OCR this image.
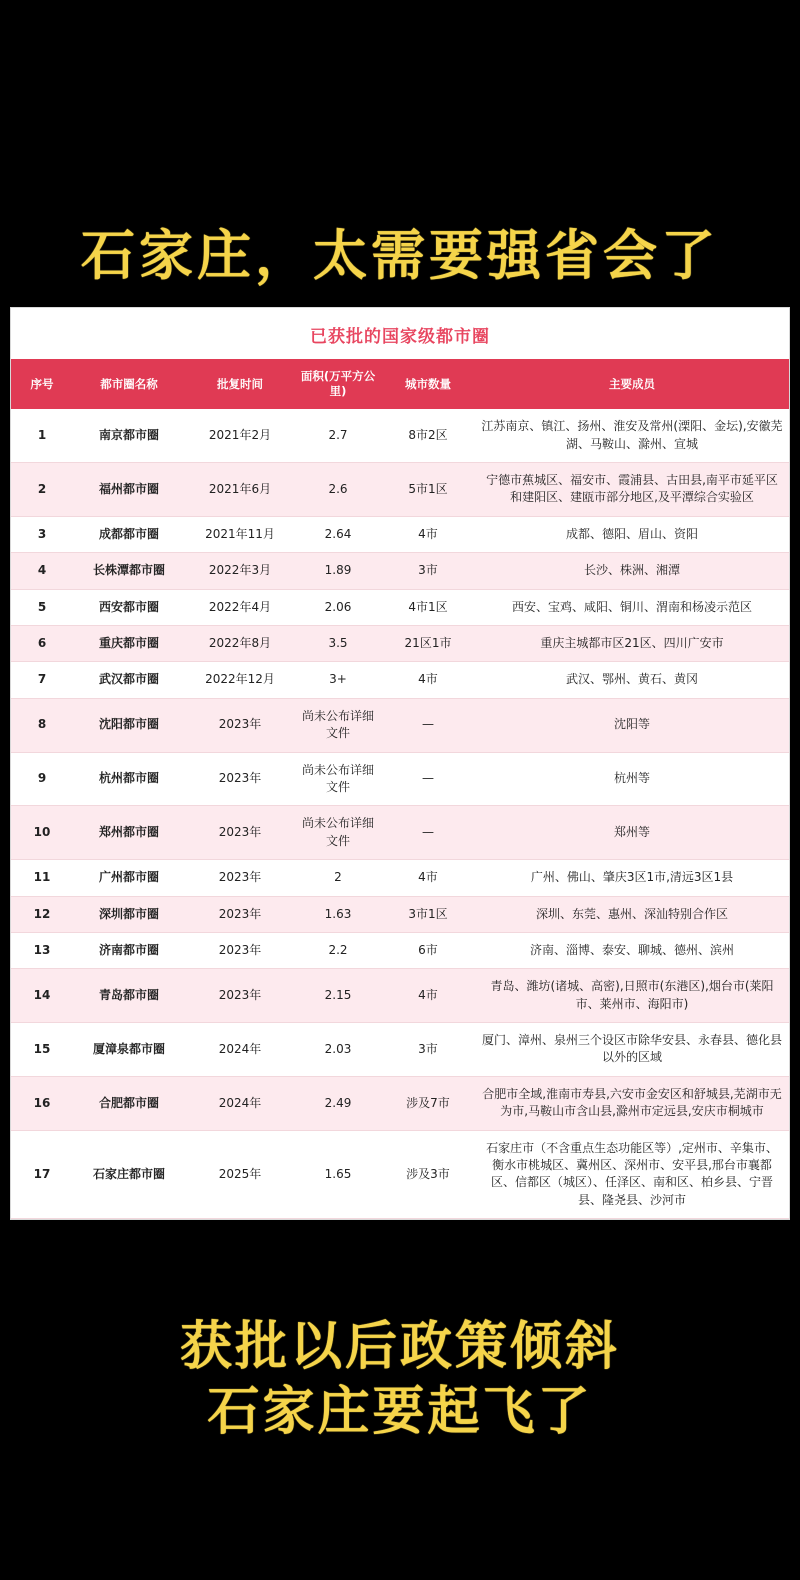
石家庄，太需要强省会了
已获批的国家级都市圈
序号	都市圈名称	批复时间	面积(万平方公里)	城市数量	主要成员
1	南京都市圈	2021年2月	2.7	8市2区	江苏南京、镇江、扬州、淮安及常州(溧阳、金坛),安徽芜湖、马鞍山、滁州、宣城
2	福州都市圈	2021年6月	2.6	5市1区	宁德市蕉城区、福安市、霞浦县、古田县,南平市延平区和建阳区、建瓯市部分地区,及平潭综合实验区
3	成都都市圈	2021年11月	2.64	4市	成都、德阳、眉山、资阳
4	长株潭都市圈	2022年3月	1.89	3市	长沙、株洲、湘潭
5	西安都市圈	2022年4月	2.06	4市1区	西安、宝鸡、咸阳、铜川、渭南和杨凌示范区
6	重庆都市圈	2022年8月	3.5	21区1市	重庆主城都市区21区、四川广安市
7	武汉都市圈	2022年12月	3+	4市	武汉、鄂州、黄石、黄冈
8	沈阳都市圈	2023年	尚未公布详细文件	—	沈阳等
9	杭州都市圈	2023年	尚未公布详细文件	—	杭州等
10	郑州都市圈	2023年	尚未公布详细文件	—	郑州等
11	广州都市圈	2023年	2	4市	广州、佛山、肇庆3区1市,清远3区1县
12	深圳都市圈	2023年	1.63	3市1区	深圳、东莞、惠州、深汕特别合作区
13	济南都市圈	2023年	2.2	6市	济南、淄博、泰安、聊城、德州、滨州
14	青岛都市圈	2023年	2.15	4市	青岛、潍坊(诸城、高密),日照市(东港区),烟台市(莱阳市、莱州市、海阳市)
15	厦漳泉都市圈	2024年	2.03	3市	厦门、漳州、泉州三个设区市除华安县、永春县、德化县以外的区域
16	合肥都市圈	2024年	2.49	涉及7市	合肥市全域,淮南市寿县,六安市金安区和舒城县,芜湖市无为市,马鞍山市含山县,滁州市定远县,安庆市桐城市
17	石家庄都市圈	2025年	1.65	涉及3市	石家庄市（不含重点生态功能区等）,定州市、辛集市、衡水市桃城区、冀州区、深州市、安平县,邢台市襄都区、信都区（城区）、任泽区、南和区、柏乡县、宁晋县、隆尧县、沙河市
获批以后政策倾斜
石家庄要起飞了
